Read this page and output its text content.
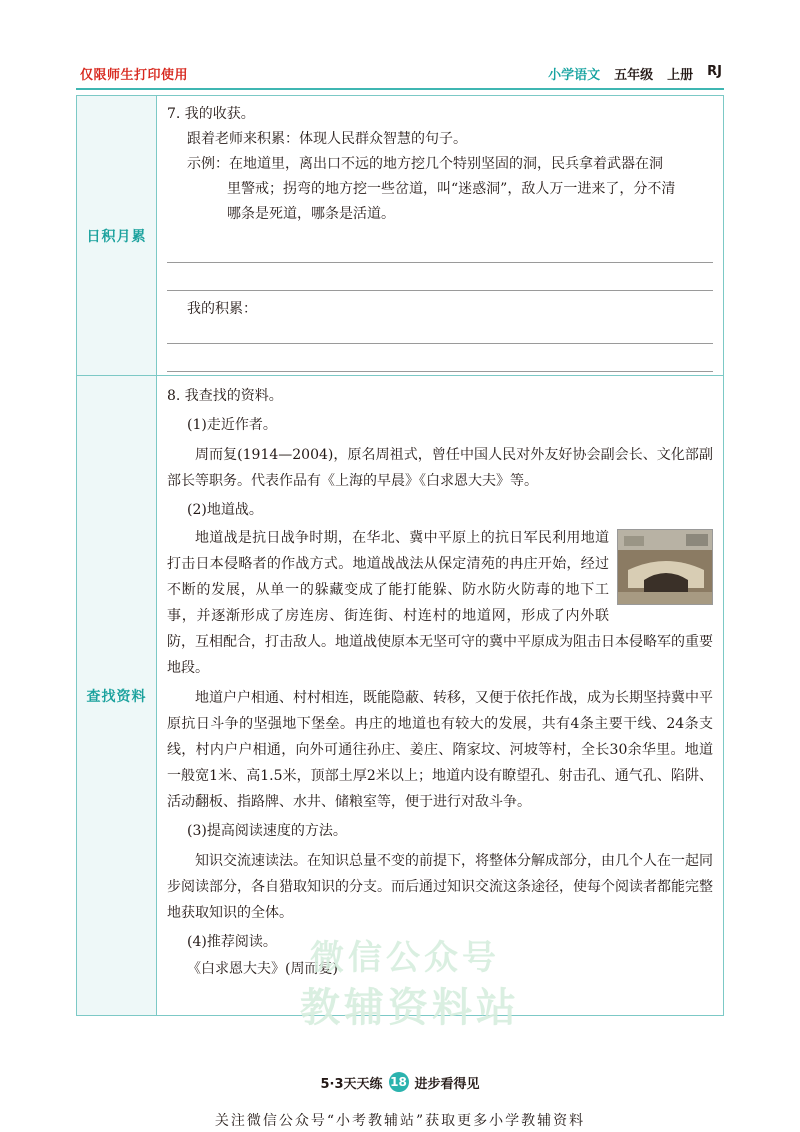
仅限师生打印使用	小学语文 五年级 上册 RJ
日积月累
7. 我的收获。
跟着老师来积累：体现人民群众智慧的句子。
示例：在地道里，离出口不远的地方挖几个特别坚固的洞，民兵拿着武器在洞
里警戒；拐弯的地方挖一些岔道，叫“迷惑洞”，敌人万一进来了，分不清
哪条是死道，哪条是活道。
我的积累：
查找资料
8. 我查找的资料。
(1)走近作者。
周而复(1914—2004)，原名周祖式，曾任中国人民对外友好协会副会长、文化部副部长等职务。代表作品有《上海的早晨》《白求恩大夫》等。
(2)地道战。
地道战是抗日战争时期，在华北、冀中平原上的抗日军民利用地道打击日本侵略者的作战方式。地道战战法从保定清苑的冉庄开始，经过不断的发展，从单一的躲藏变成了能打能躲、防水防火防毒的地下工事，并逐渐形成了房连房、街连街、村连村的地道网，形成了内外联防，互相配合，打击敌人。地道战使原本无坚可守的冀中平原成为阻击日本侵略军的重要地段。
地道户户相通、村村相连，既能隐蔽、转移，又便于依托作战，成为长期坚持冀中平原抗日斗争的坚强地下堡垒。冉庄的地道也有较大的发展，共有4条主要干线、24条支线，村内户户相通，向外可通往孙庄、姜庄、隋家坟、河坡等村，全长30余华里。地道一般宽1米、高1.5米，顶部土厚2米以上；地道内设有瞭望孔、射击孔、通气孔、陷阱、活动翻板、指路牌、水井、储粮室等，便于进行对敌斗争。
(3)提高阅读速度的方法。
知识交流速读法。在知识总量不变的前提下，将整体分解成部分，由几个人在一起同步阅读部分，各自猎取知识的分支。而后通过知识交流这条途径，使每个阅读者都能完整地获取知识的全体。
(4)推荐阅读。
《白求恩大夫》(周而复)
微信公众号
教辅资料站
5·3天天练 18 进步看得见
关注微信公众号“小考教辅站”获取更多小学教辅资料
